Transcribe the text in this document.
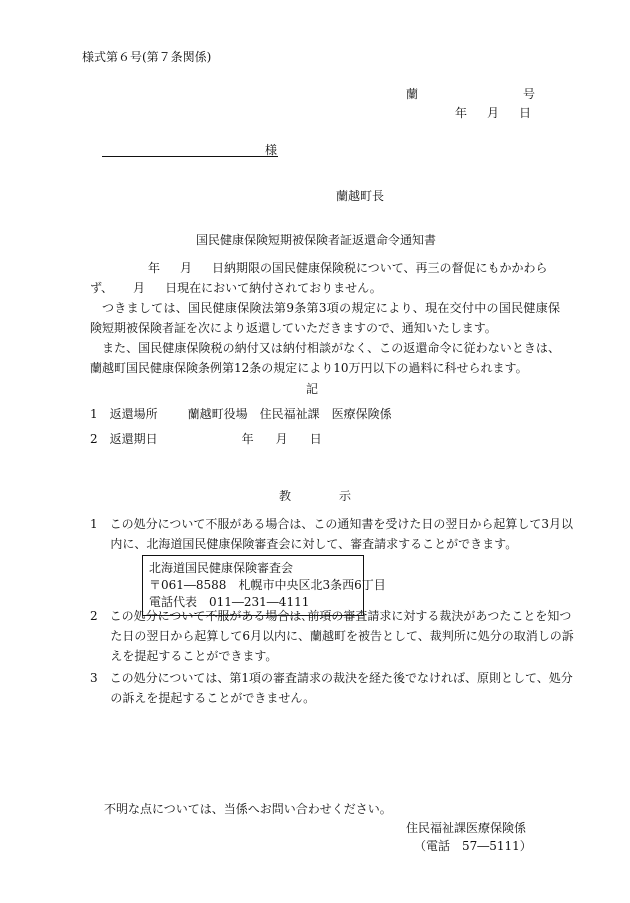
様式第６号(第７条関係)
蘭	号
年 月 日
様
蘭越町長
国民健康保険短期被保険者証返還命令通知書
年 月 日納期限の国民健康保険税について、再三の督促にもかかわら
ず、 月 日現在において納付されておりません。
つきましては、国民健康保険法第9条第3項の規定により、現在交付中の国民健康保険短期被保険者証を次により返還していただきますので、通知いたします。
また、国民健康保険税の納付又は納付相談がなく、この返還命令に従わないときは、蘭越町国民健康保険条例第12条の規定により10万円以下の過料に科せられます。
記
1 返還場所	蘭越町役場　住民福祉課　医療保険係
2 返還期日	年 月 日
教	示
1　この処分について不服がある場合は、この通知書を受けた日の翌日から起算して3月以内に、北海道国民健康保険審査会に対して、審査請求することができます。
北海道国民健康保険審査会
〒061―8588　札幌市中央区北3条西6丁目
電話代表　011―231―4111
2　この処分について不服がある場合は､前項の審査請求に対する裁決があつたことを知つた日の翌日から起算して6月以内に、蘭越町を被告として、裁判所に処分の取消しの訴えを提起することができます。
3　この処分については、第1項の審査請求の裁決を経た後でなければ、原則として、処分の訴えを提起することができません。
不明な点については、当係へお問い合わせください。
住民福祉課医療保険係
（電話　57―5111）
